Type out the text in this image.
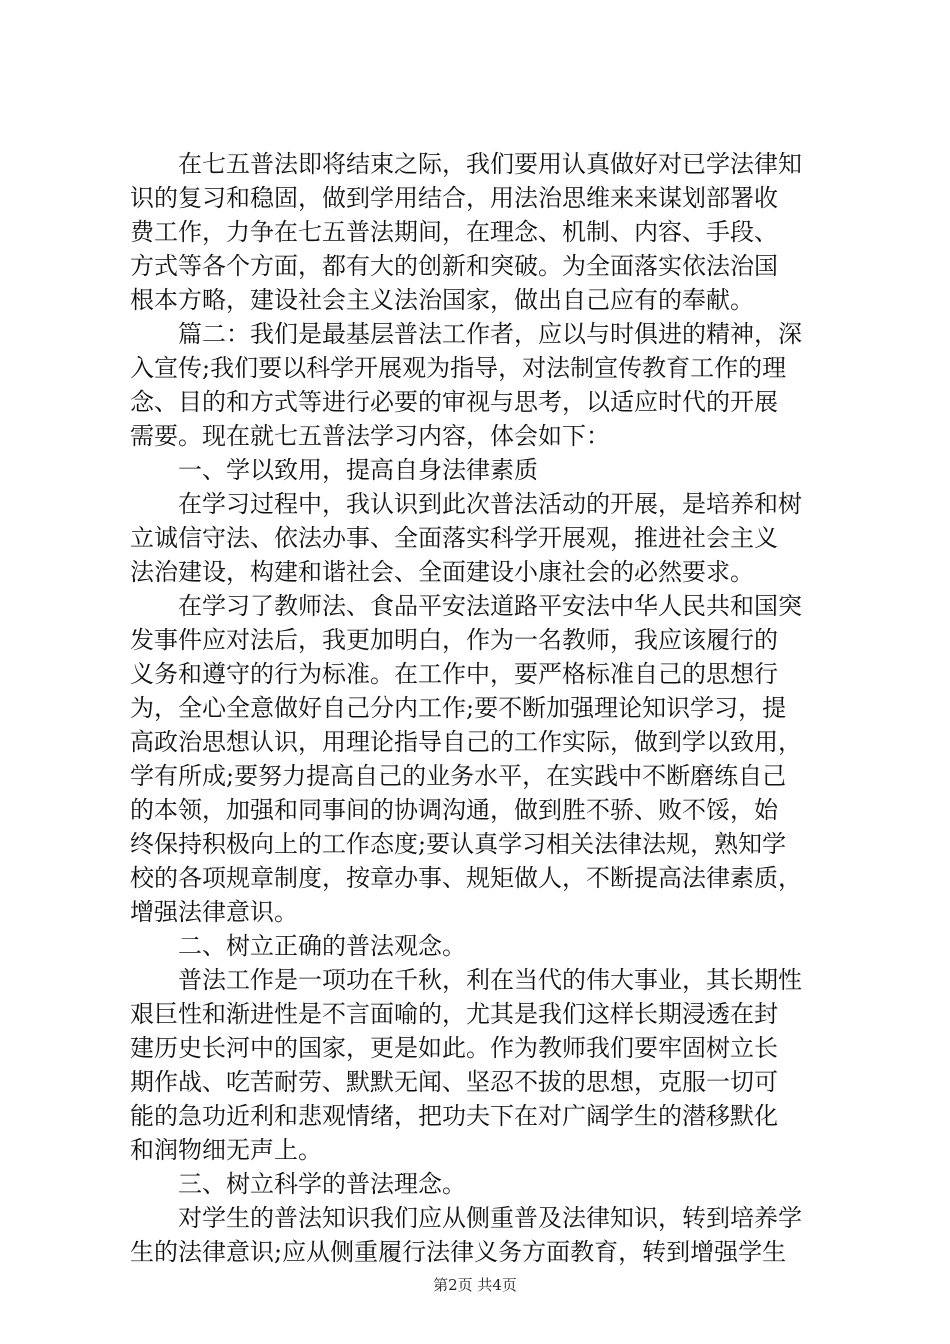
在七五普法即将结束之际，我们要用认真做好对已学法律知
识的复习和稳固，做到学用结合，用法治思维来来谋划部署收
费工作，力争在七五普法期间，在理念、机制、内容、手段、
方式等各个方面，都有大的创新和突破。为全面落实依法治国
根本方略，建设社会主义法治国家，做出自己应有的奉献。
篇二：我们是最基层普法工作者，应以与时俱进的精神，深
入宣传;我们要以科学开展观为指导，对法制宣传教育工作的理
念、目的和方式等进行必要的审视与思考，以适应时代的开展
需要。现在就七五普法学习内容，体会如下：
一、学以致用，提高自身法律素质
在学习过程中，我认识到此次普法活动的开展，是培养和树
立诚信守法、依法办事、全面落实科学开展观，推进社会主义
法治建设，构建和谐社会、全面建设小康社会的必然要求。
在学习了教师法、食品平安法道路平安法中华人民共和国突
发事件应对法后，我更加明白，作为一名教师，我应该履行的
义务和遵守的行为标准。在工作中，要严格标准自己的思想行
为，全心全意做好自己分内工作;要不断加强理论知识学习，提
高政治思想认识，用理论指导自己的工作实际，做到学以致用，
学有所成;要努力提高自己的业务水平，在实践中不断磨练自己
的本领，加强和同事间的协调沟通，做到胜不骄、败不馁，始
终保持积极向上的工作态度;要认真学习相关法律法规，熟知学
校的各项规章制度，按章办事、规矩做人，不断提高法律素质，
增强法律意识。
二、树立正确的普法观念。
普法工作是一项功在千秋，利在当代的伟大事业，其长期性
艰巨性和渐进性是不言面喻的，尤其是我们这样长期浸透在封
建历史长河中的国家，更是如此。作为教师我们要牢固树立长
期作战、吃苦耐劳、默默无闻、坚忍不拔的思想，克服一切可
能的急功近利和悲观情绪，把功夫下在对广阔学生的潜移默化
和润物细无声上。
三、树立科学的普法理念。
对学生的普法知识我们应从侧重普及法律知识，转到培养学
生的法律意识;应从侧重履行法律义务方面教育，转到增强学生
第2页 共4页
